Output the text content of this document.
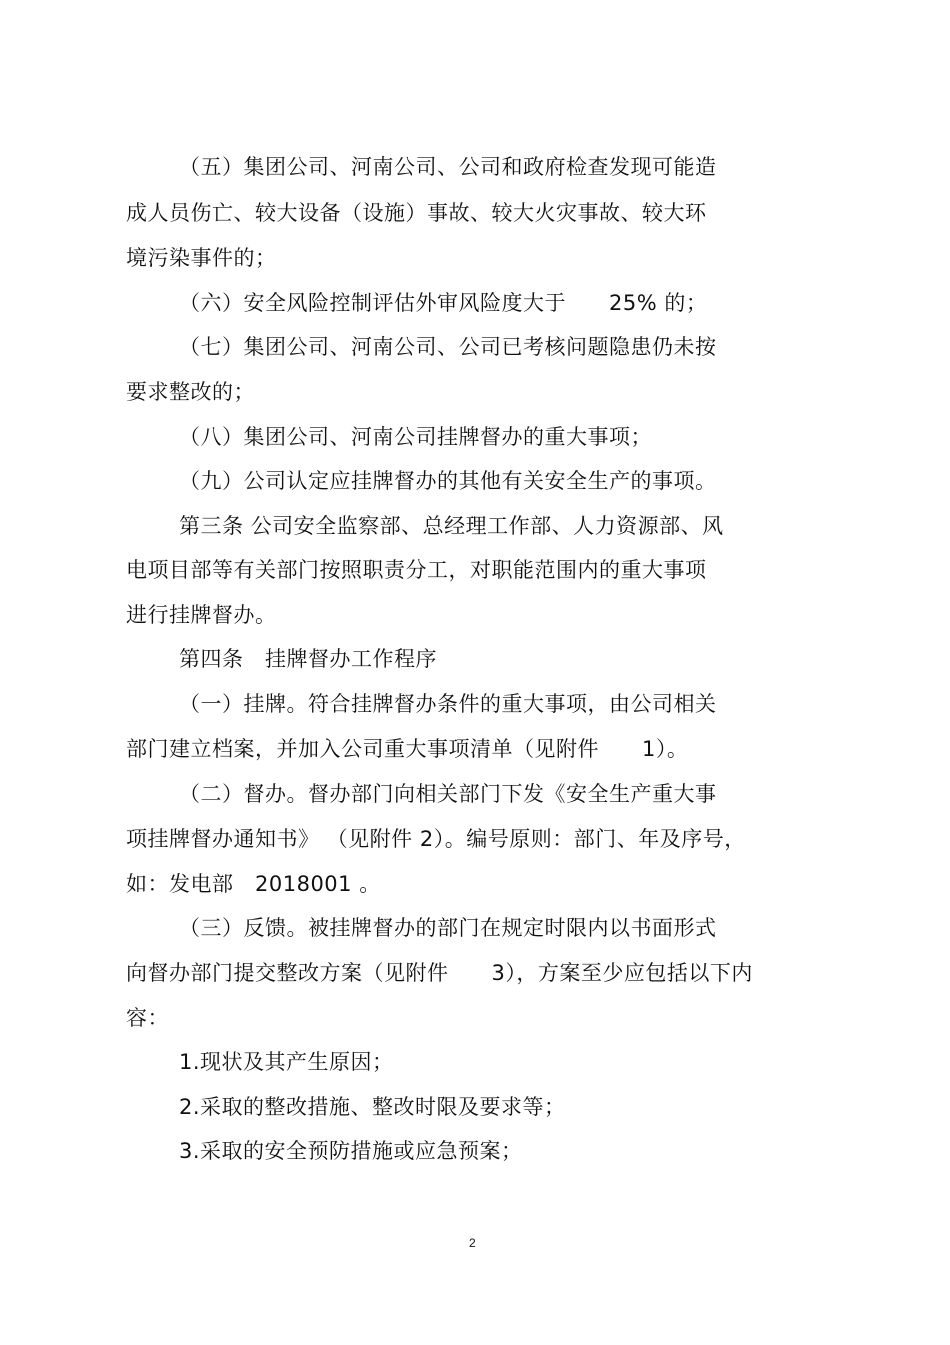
（五）集团公司、河南公司、公司和政府检查发现可能造
成人员伤亡、较大设备（设施）事故、较大火灾事故、较大环
境污染事件的；
（六）安全风险控制评估外审风险度大于　　25% 的；
（七）集团公司、河南公司、公司已考核问题隐患仍未按
要求整改的；
（八）集团公司、河南公司挂牌督办的重大事项；
（九）公司认定应挂牌督办的其他有关安全生产的事项。
第三条 公司安全监察部、总经理工作部、人力资源部、风
电项目部等有关部门按照职责分工，对职能范围内的重大事项
进行挂牌督办。
第四条　挂牌督办工作程序
（一）挂牌。符合挂牌督办条件的重大事项，由公司相关
部门建立档案，并加入公司重大事项清单（见附件　　1）。
（二）督办。督办部门向相关部门下发《安全生产重大事
项挂牌督办通知书》 （见附件 2）。编号原则：部门、年及序号，
如：发电部　2018001 。
（三）反馈。被挂牌督办的部门在规定时限内以书面形式
向督办部门提交整改方案（见附件　　3），方案至少应包括以下内
容：
1.现状及其产生原因；
2.采取的整改措施、整改时限及要求等；
3.采取的安全预防措施或应急预案；
2
